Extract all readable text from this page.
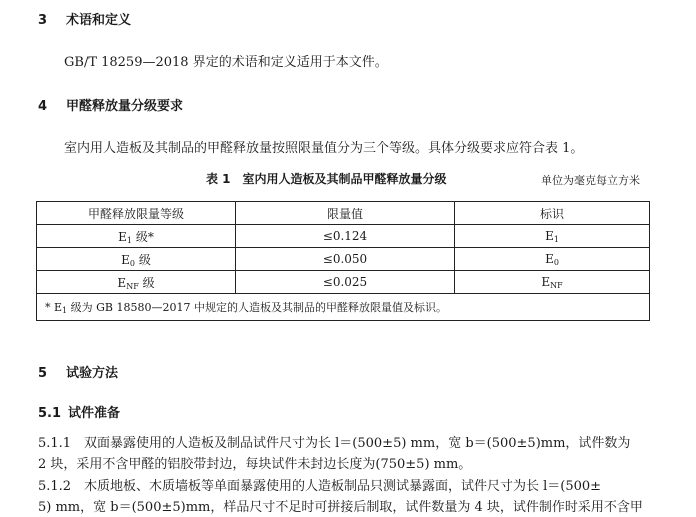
3 术语和定义
GB/T 18259—2018 界定的术语和定义适用于本文件。
4 甲醛释放量分级要求
室内用人造板及其制品的甲醛释放量按照限量值分为三个等级。具体分级要求应符合表 1。
表 1　室内用人造板及其制品甲醛释放量分级	单位为毫克每立方米
甲醛释放限量等级	限量值	标识
$E_1$ 级*	≤0.124	$E_1$
$E_0$ 级	≤0.050	$E_0$
$E_{NF}$ 级	≤0.025	$E_{NF}$
* $E_1$ 级为 GB 18580—2017 中规定的人造板及其制品的甲醛释放限量值及标识。		
5 试验方法
5.1 试件准备
5.1.1 双面暴露使用的人造板及制品试件尺寸为长 l＝(500±5) mm，宽 b＝(500±5)mm，试件数为
2 块，采用不含甲醛的铝胶带封边，每块试件未封边长度为(750±5) mm。
5.1.2 木质地板、木质墙板等单面暴露使用的人造板制品只测试暴露面，试件尺寸为长 l＝(500±
5) mm，宽 b＝(500±5)mm，样品尺寸不足时可拼接后制取，试件数量为 4 块，试件制作时采用不含甲
